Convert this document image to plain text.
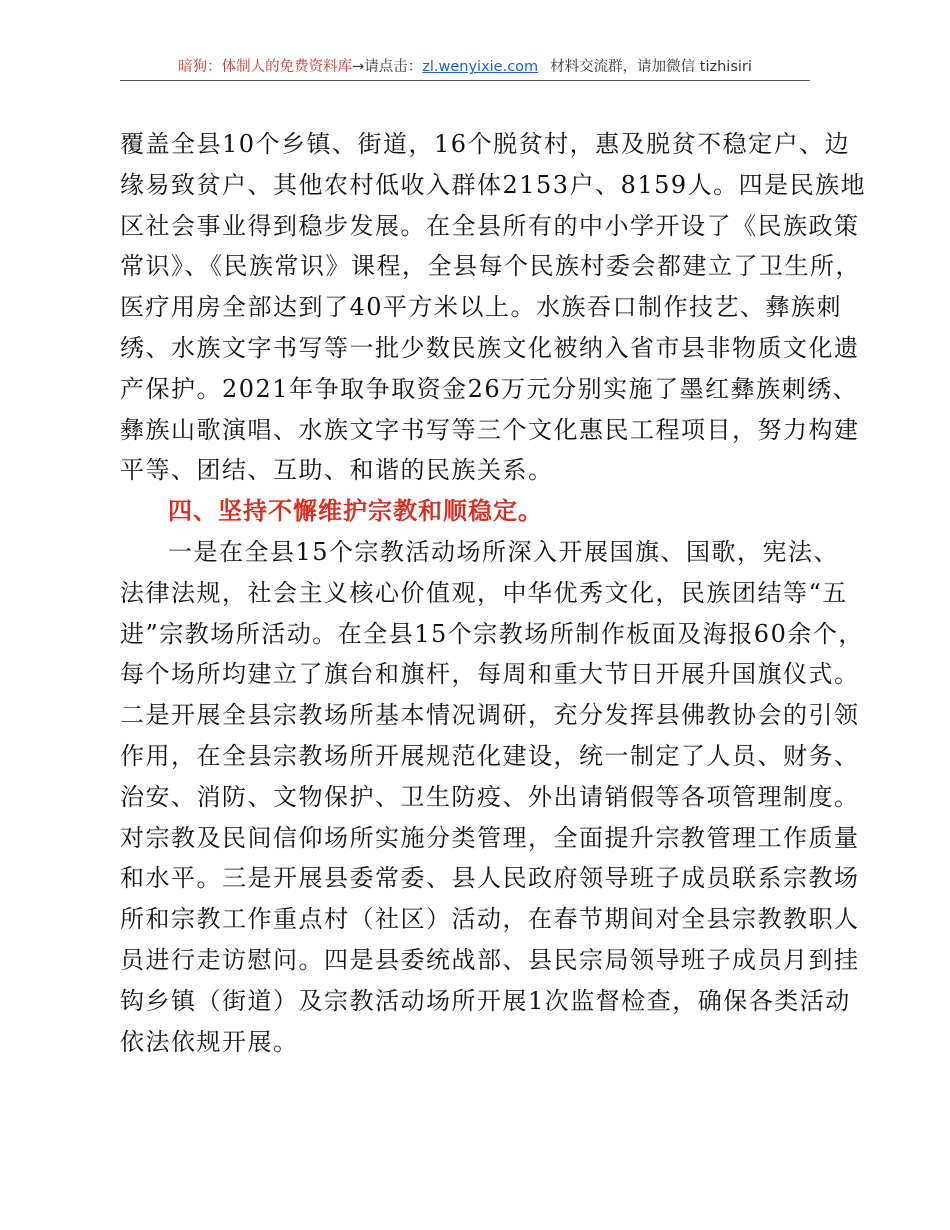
暗狗：体制人的免费资料库→请点击：zl.wenyixie.com 材料交流群，请加微信 tizhisiri
覆盖全县10个乡镇、街道，16个脱贫村，惠及脱贫不稳定户、边
缘易致贫户、其他农村低收入群体2153户、8159人。四是民族地
区社会事业得到稳步发展。在全县所有的中小学开设了《民族政策
常识》、《民族常识》课程，全县每个民族村委会都建立了卫生所，
医疗用房全部达到了40平方米以上。水族吞口制作技艺、彝族刺
绣、水族文字书写等一批少数民族文化被纳入省市县非物质文化遗
产保护。2021年争取争取资金26万元分别实施了墨红彝族刺绣、
彝族山歌演唱、水族文字书写等三个文化惠民工程项目，努力构建
平等、团结、互助、和谐的民族关系。
四、坚持不懈维护宗教和顺稳定。
一是在全县15个宗教活动场所深入开展国旗、国歌，宪法、
法律法规，社会主义核心价值观，中华优秀文化，民族团结等“五
进”宗教场所活动。在全县15个宗教场所制作板面及海报60余个，
每个场所均建立了旗台和旗杆，每周和重大节日开展升国旗仪式。
二是开展全县宗教场所基本情况调研，充分发挥县佛教协会的引领
作用，在全县宗教场所开展规范化建设，统一制定了人员、财务、
治安、消防、文物保护、卫生防疫、外出请销假等各项管理制度。
对宗教及民间信仰场所实施分类管理，全面提升宗教管理工作质量
和水平。三是开展县委常委、县人民政府领导班子成员联系宗教场
所和宗教工作重点村（社区）活动，在春节期间对全县宗教教职人
员进行走访慰问。四是县委统战部、县民宗局领导班子成员月到挂
钩乡镇（街道）及宗教活动场所开展1次监督检查，确保各类活动
依法依规开展。
